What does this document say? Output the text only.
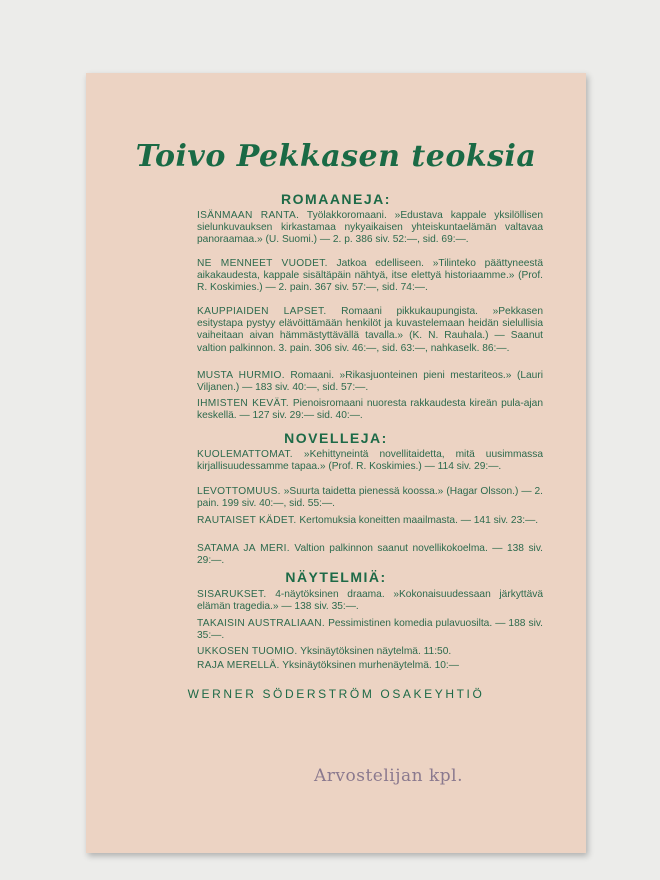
Toivo Pekkasen teoksia
ROMAANEJA:
ISÄNMAAN RANTA. Työlakkoromaani. »Edustava kappale yksilöllisen sielunkuvauksen kirkastamaa nykyaikaisen yhteiskuntaelämän valtavaa panoraamaa.» (U. Suomi.) — 2. p. 386 siv. 52:—, sid. 69:—.
NE MENNEET VUODET. Jatkoa edelliseen. »Tilinteko päättyneestä aikakaudesta, kappale sisältäpäin nähtyä, itse elettyä historiaamme.» (Prof. R. Koskimies.) — 2. pain. 367 siv. 57:—, sid. 74:—.
KAUPPIAIDEN LAPSET. Romaani pikkukaupungista. »Pekkasen esitystapa pystyy elävöittämään henkilöt ja kuvastelemaan heidän sielullisia vaiheitaan aivan hämmästyttävällä tavalla.» (K. N. Rauhala.) — Saanut valtion palkinnon. 3. pain. 306 siv. 46:—, sid. 63:—, nahkaselk. 86:—.
MUSTA HURMIO. Romaani. »Rikasjuonteinen pieni mestariteos.» (Lauri Viljanen.) — 183 siv. 40:—, sid. 57:—.
IHMISTEN KEVÄT. Pienoisromaani nuoresta rakkaudesta kireän pula-ajan keskellä. — 127 siv. 29:— sid. 40:—.
NOVELLEJA:
KUOLEMATTOMAT. »Kehittyneintä novellitaidetta, mitä uusimmassa kirjallisuudessamme tapaa.» (Prof. R. Koskimies.) — 114 siv. 29:—.
LEVOTTOMUUS. »Suurta taidetta pienessä koossa.» (Hagar Olsson.) — 2. pain. 199 siv. 40:—, sid. 55:—.
RAUTAISET KÄDET. Kertomuksia koneitten maailmasta. — 141 siv. 23:—.
SATAMA JA MERI. Valtion palkinnon saanut novellikokoelma. — 138 siv. 29:—.
NÄYTELMIÄ:
SISARUKSET. 4-näytöksinen draama. »Kokonaisuudessaan järkyttävä elämän tragedia.» — 138 siv. 35:—.
TAKAISIN AUSTRALIAAN. Pessimistinen komedia pulavuosilta. — 188 siv. 35:—.
UKKOSEN TUOMIO. Yksinäytöksinen näytelmä. 11:50.
RAJA MERELLÄ. Yksinäytöksinen murhenäytelmä. 10:—
WERNER SÖDERSTRÖM OSAKEYHTIÖ
Arvostelijan kpl.
